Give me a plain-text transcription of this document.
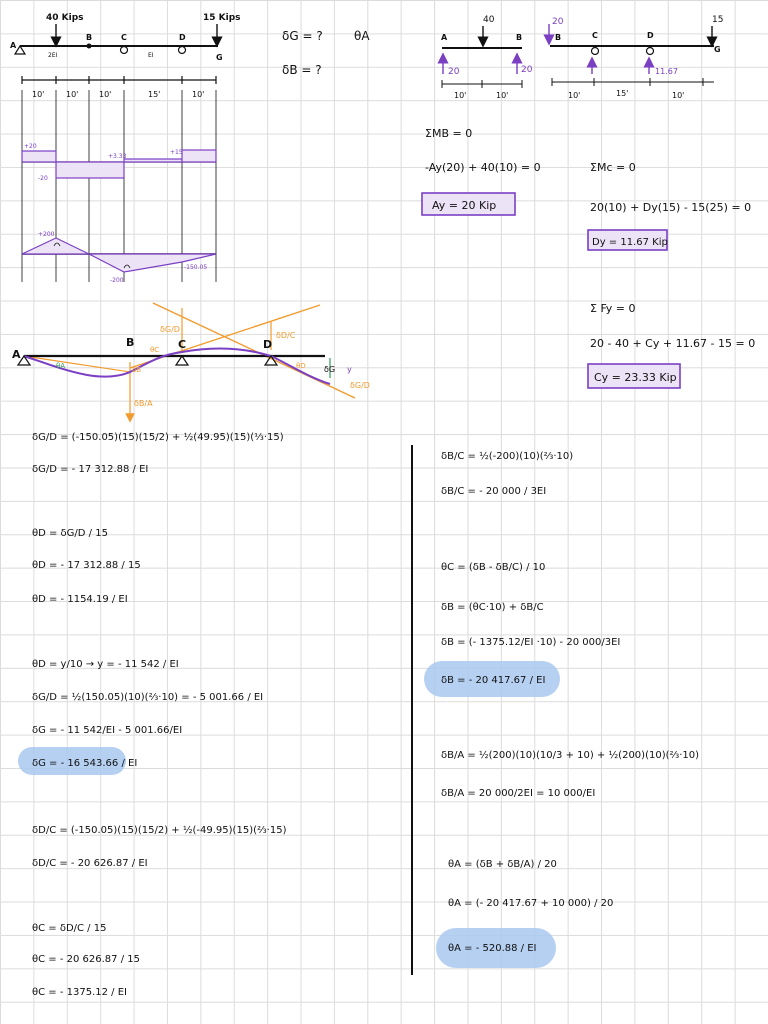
40 Kips	15 Kips
A
B	C	D
G
2EI	EI
10'	10'	10'	15'	10'
+20
-20
+3.33
+15
+200
-200
-150.05
δG = ?
δB = ?
θA
40
A	B
20	20
10'	10'
20	15
B	C	D
G
11.67
10'	15'	10'
ΣMB = 0
-Ay(20) + 40(10) = 0
Ay = 20 Kip
ΣMc = 0
20(10) + Dy(15) - 15(25) = 0
Dy = 11.67 Kip
Σ Fy = 0
20 - 40 + Cy + 11.67 - 15 = 0
Cy = 23.33 Kip
A
B	C	D
δG/D
δD/C
θA
θC
θD
δB	δG y
δB/A
δG/D
δG/D = (-150.05)(15)(15/2) + ½(49.95)(15)(⅓·15)
δG/D = - 17 312.88 / EI
θD = δG/D / 15
θD = - 17 312.88 / 15
θD = - 1154.19 / EI
θD = y/10 → y = - 11 542 / EI
δG/D = ½(150.05)(10)(⅔·10) = - 5 001.66 / EI
δG = - 11 542/EI - 5 001.66/EI
δG = - 16 543.66 / EI
δD/C = (-150.05)(15)(15/2) + ½(-49.95)(15)(⅔·15)
δD/C = - 20 626.87 / EI
θC = δD/C / 15
θC = - 20 626.87 / 15
θC = - 1375.12 / EI
δB/C = ½(-200)(10)(⅔·10)
δB/C = - 20 000 / 3EI
θC = (δB - δB/C) / 10
δB = (θC·10) + δB/C
δB = (- 1375.12/EI ·10) - 20 000/3EI
δB = - 20 417.67 / EI
δB/A = ½(200)(10)(10/3 + 10) + ½(200)(10)(⅔·10)
δB/A = 20 000/2EI = 10 000/EI
θA = (δB + δB/A) / 20
θA = (- 20 417.67 + 10 000) / 20
θA = - 520.88 / EI
